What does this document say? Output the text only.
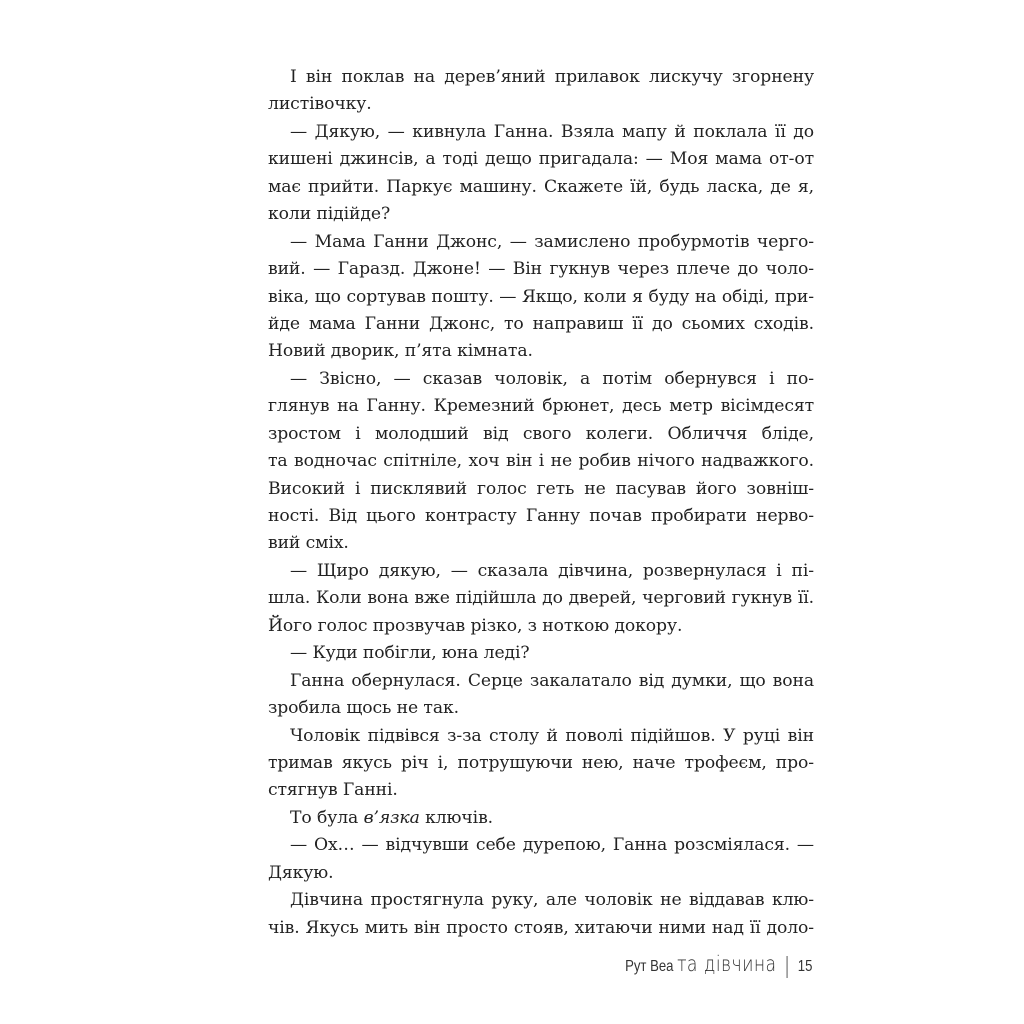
І він поклав на дерев’яний прилавок лискучу згорнену
листівочку.
— Дякую, — кивнула Ганна. Взяла мапу й поклала її до
кишені джинсів, а тоді дещо пригадала: — Моя мама от-от
має прийти. Паркує машину. Скажете їй, будь ласка, де я,
коли підійде?
— Мама Ганни Джонс, — замислено пробурмотів черго-
вий. — Гаразд. Джоне! — Він гукнув через плече до чоло-
віка, що сортував пошту. — Якщо, коли я буду на обіді, при-
йде мама Ганни Джонс, то направиш її до сьомих сходів.
Новий дворик, п’ята кімната.
— Звісно, — сказав чоловік, а потім обернувся і по-
глянув на Ганну. Кремезний брюнет, десь метр вісімдесят
зростом і молодший від свого колеги. Обличчя бліде,
та водночас спітніле, хоч він і не робив нічого надважкого.
Високий і писклявий голос геть не пасував його зовніш-
ності. Від цього контрасту Ганну почав пробирати нерво-
вий сміх.
— Щиро дякую, — сказала дівчина, розвернулася і пі-
шла. Коли вона вже підійшла до дверей, черговий гукнув її.
Його голос прозвучав різко, з ноткою докору.
— Куди побігли, юна леді?
Ганна обернулася. Серце закалатало від думки, що вона
зробила щось не так.
Чоловік підвівся з-за столу й поволі підійшов. У руці він
тримав якусь річ і, потрушуючи нею, наче трофеєм, про-
стягнув Ганні.
То була в’язка ключів.
— Ох… — відчувши себе дурепою, Ганна розсміялася. —
Дякую.
Дівчина простягнула руку, але чоловік не віддавав клю-
чів. Якусь мить він просто стояв, хитаючи ними над її доло-
Рут Веа та дівчина 15
